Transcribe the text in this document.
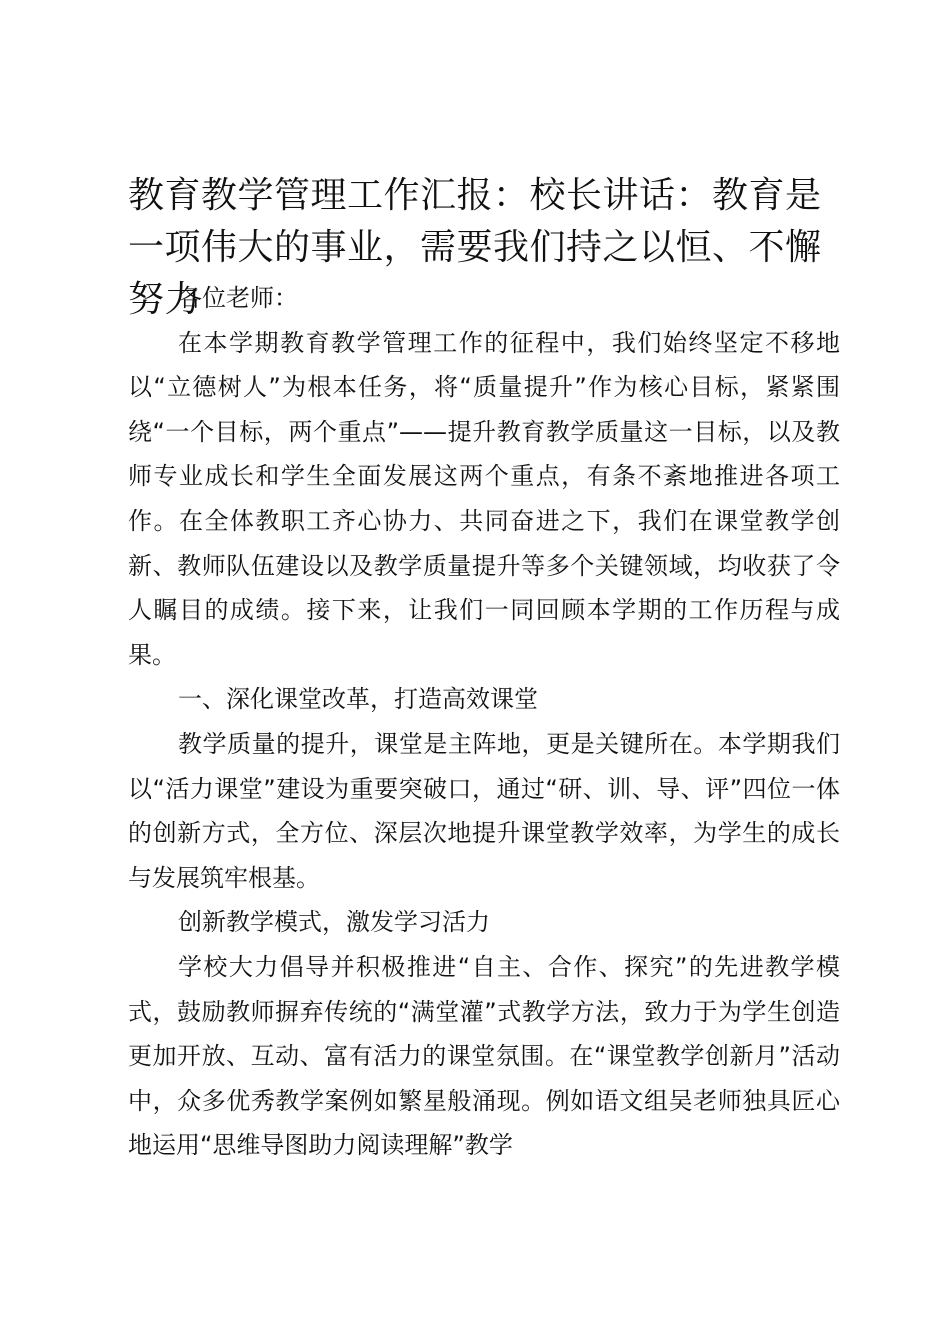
教育教学管理工作汇报：校长讲话：教育是一项伟大的事业，需要我们持之以恒、不懈努力

各位老师：

在本学期教育教学管理工作的征程中，我们始终坚定不移地以“立德树人”为根本任务，将“质量提升”作为核心目标，紧紧围绕“一个目标，两个重点”——提升教育教学质量这一目标，以及教师专业成长和学生全面发展这两个重点，有条不紊地推进各项工作。在全体教职工齐心协力、共同奋进之下，我们在课堂教学创新、教师队伍建设以及教学质量提升等多个关键领域，均收获了令人瞩目的成绩。接下来，让我们一同回顾本学期的工作历程与成果。

一、深化课堂改革，打造高效课堂

教学质量的提升，课堂是主阵地，更是关键所在。本学期我们以“活力课堂”建设为重要突破口，通过“研、训、导、评”四位一体的创新方式，全方位、深层次地提升课堂教学效率，为学生的成长与发展筑牢根基。

创新教学模式，激发学习活力

学校大力倡导并积极推进“自主、合作、探究”的先进教学模式，鼓励教师摒弃传统的“满堂灌”式教学方法，致力于为学生创造更加开放、互动、富有活力的课堂氛围。在“课堂教学创新月”活动中，众多优秀教学案例如繁星般涌现。例如语文组吴老师独具匠心地运用“思维导图助力阅读理解”教学
